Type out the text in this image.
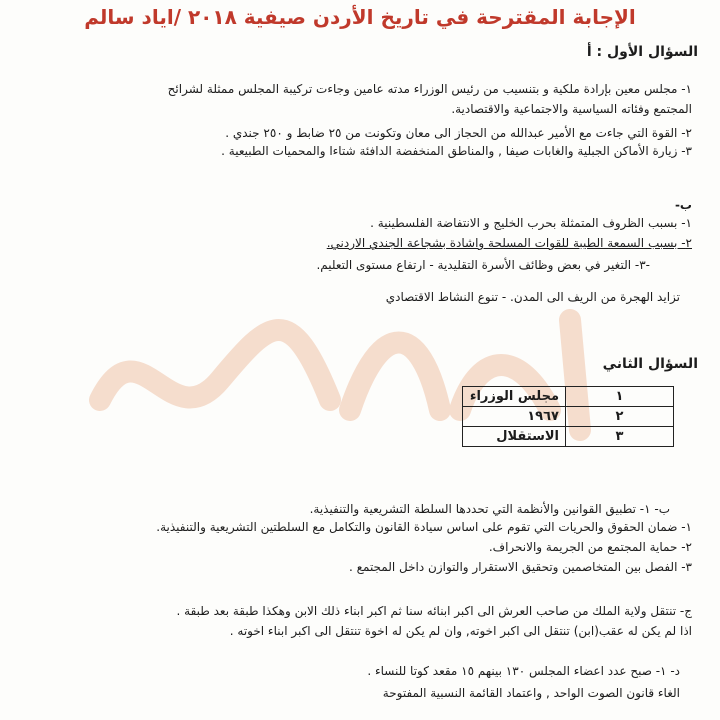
الإجابة المقترحة في تاريخ الأردن صيفية ٢٠١٨ /اياد سالم
السؤال الأول : أ
١- مجلس معين بإرادة ملكية و بتنسيب من رئيس الوزراء مدته عامين وجاءت تركيبة المجلس ممثلة لشرائح
المجتمع وفئاته السياسية والاجتماعية والاقتصادية.
٢- القوة التي جاءت مع الأمير عبدالله من الحجاز الى معان وتكونت من ٢٥ ضابط و ٢٥٠ جندي .
٣- زيارة الأماكن الجبلية والغابات صيفا , والمناطق المنخفضة الدافئة شتاءا والمحميات الطبيعية .
ب-
١- بسبب الظروف المتمثلة بحرب الخليج و الانتفاضة الفلسطينية .
٢- بسبب السمعة الطيبة للقوات المسلحة واشادة بشجاعة الجندي الاردني.
-٣- التغير في بعض وظائف الأسرة التقليدية - ارتفاع مستوى التعليم.
تزايد الهجرة من الريف الى المدن. - تنوع النشاط الاقتصادي
السؤال الثاني
١	مجلس الوزراء
٢	١٩٦٧
٣	الاستقلال
ب- ١- تطبيق القوانين والأنظمة التي تحددها السلطة التشريعية والتنفيذية.
١- ضمان الحقوق والحريات التي تقوم على اساس سيادة القانون والتكامل مع السلطتين التشريعية والتنفيذية.
٢- حماية المجتمع من الجريمة والانحراف.
٣- الفصل بين المتخاصمين وتحقيق الاستقرار والتوازن داخل المجتمع .
ج- تنتقل ولاية الملك من صاحب العرش الى اكبر ابنائه سنا ثم اكبر ابناء ذلك الابن وهكذا طبقة بعد طبقة .
اذا لم يكن له عقب(ابن) تنتقل الى اكبر اخوته, وان لم يكن له اخوة تنتقل الى اكبر ابناء اخوته .
د- ١- صبح عدد اعضاء المجلس ١٣٠ بينهم ١٥ مقعد كوتا للنساء .
الغاء قانون الصوت الواحد , واعتماد القائمة النسبية المفتوحة
